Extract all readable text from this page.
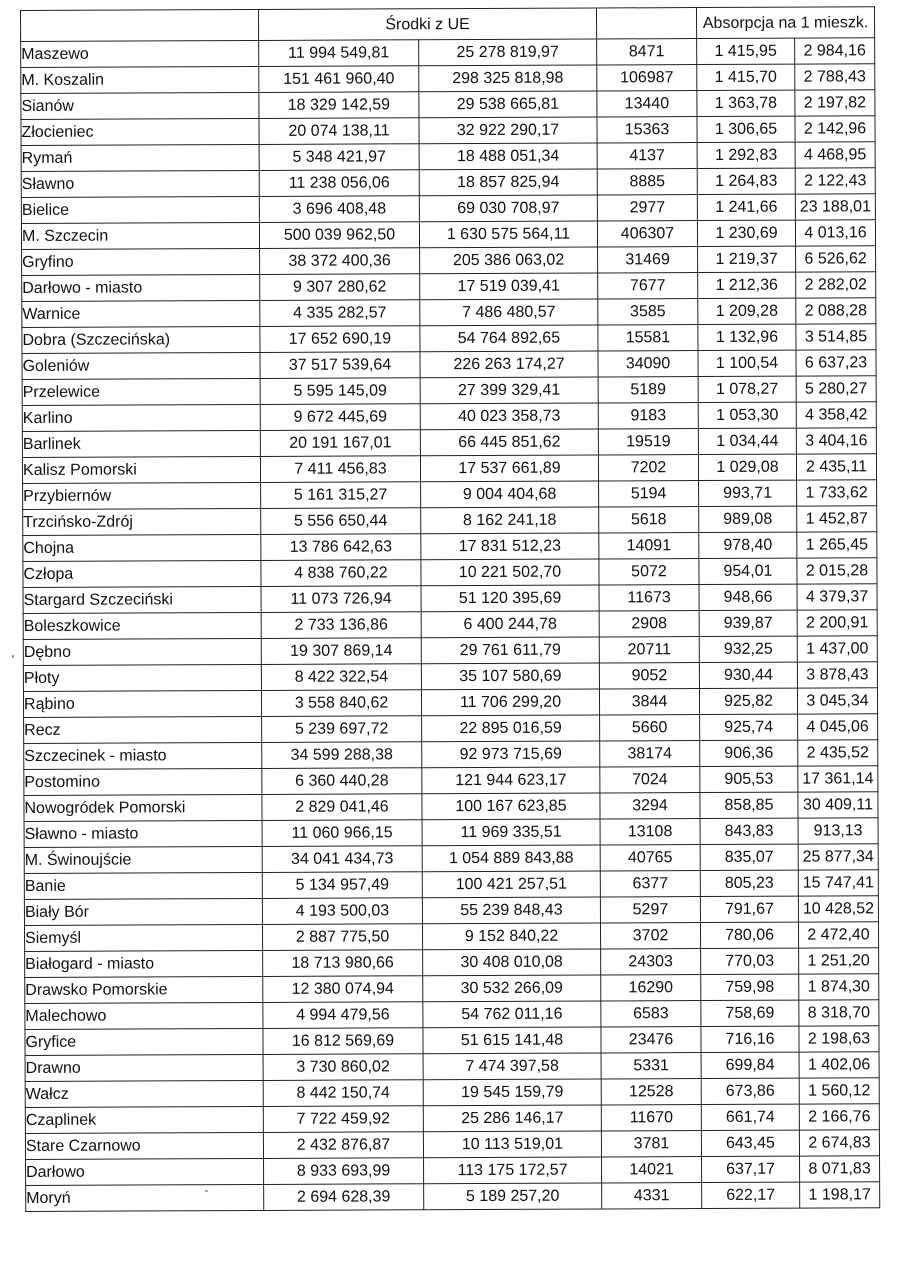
	Środki z UE			Absorpcja na 1 mieszk.	
Maszewo	11 994 549,81	25 278 819,97	8471	1 415,95	2 984,16
M. Koszalin	151 461 960,40	298 325 818,98	106987	1 415,70	2 788,43
Sianów	18 329 142,59	29 538 665,81	13440	1 363,78	2 197,82
Złocieniec	20 074 138,11	32 922 290,17	15363	1 306,65	2 142,96
Rymań	5 348 421,97	18 488 051,34	4137	1 292,83	4 468,95
Sławno	11 238 056,06	18 857 825,94	8885	1 264,83	2 122,43
Bielice	3 696 408,48	69 030 708,97	2977	1 241,66	23 188,01
M. Szczecin	500 039 962,50	1 630 575 564,11	406307	1 230,69	4 013,16
Gryfino	38 372 400,36	205 386 063,02	31469	1 219,37	6 526,62
Darłowo - miasto	9 307 280,62	17 519 039,41	7677	1 212,36	2 282,02
Warnice	4 335 282,57	7 486 480,57	3585	1 209,28	2 088,28
Dobra (Szczecińska)	17 652 690,19	54 764 892,65	15581	1 132,96	3 514,85
Goleniów	37 517 539,64	226 263 174,27	34090	1 100,54	6 637,23
Przelewice	5 595 145,09	27 399 329,41	5189	1 078,27	5 280,27
Karlino	9 672 445,69	40 023 358,73	9183	1 053,30	4 358,42
Barlinek	20 191 167,01	66 445 851,62	19519	1 034,44	3 404,16
Kalisz Pomorski	7 411 456,83	17 537 661,89	7202	1 029,08	2 435,11
Przybiernów	5 161 315,27	9 004 404,68	5194	993,71	1 733,62
Trzcińsko-Zdrój	5 556 650,44	8 162 241,18	5618	989,08	1 452,87
Chojna	13 786 642,63	17 831 512,23	14091	978,40	1 265,45
Człopa	4 838 760,22	10 221 502,70	5072	954,01	2 015,28
Stargard Szczeciński	11 073 726,94	51 120 395,69	11673	948,66	4 379,37
Boleszkowice	2 733 136,86	6 400 244,78	2908	939,87	2 200,91
Dębno	19 307 869,14	29 761 611,79	20711	932,25	1 437,00
Płoty	8 422 322,54	35 107 580,69	9052	930,44	3 878,43
Rąbino	3 558 840,62	11 706 299,20	3844	925,82	3 045,34
Recz	5 239 697,72	22 895 016,59	5660	925,74	4 045,06
Szczecinek - miasto	34 599 288,38	92 973 715,69	38174	906,36	2 435,52
Postomino	6 360 440,28	121 944 623,17	7024	905,53	17 361,14
Nowogródek Pomorski	2 829 041,46	100 167 623,85	3294	858,85	30 409,11
Sławno - miasto	11 060 966,15	11 969 335,51	13108	843,83	913,13
M. Świnoujście	34 041 434,73	1 054 889 843,88	40765	835,07	25 877,34
Banie	5 134 957,49	100 421 257,51	6377	805,23	15 747,41
Biały Bór	4 193 500,03	55 239 848,43	5297	791,67	10 428,52
Siemyśl	2 887 775,50	9 152 840,22	3702	780,06	2 472,40
Białogard - miasto	18 713 980,66	30 408 010,08	24303	770,03	1 251,20
Drawsko Pomorskie	12 380 074,94	30 532 266,09	16290	759,98	1 874,30
Malechowo	4 994 479,56	54 762 011,16	6583	758,69	8 318,70
Gryfice	16 812 569,69	51 615 141,48	23476	716,16	2 198,63
Drawno	3 730 860,02	7 474 397,58	5331	699,84	1 402,06
Wałcz	8 442 150,74	19 545 159,79	12528	673,86	1 560,12
Czaplinek	7 722 459,92	25 286 146,17	11670	661,74	2 166,76
Stare Czarnowo	2 432 876,87	10 113 519,01	3781	643,45	2 674,83
Darłowo	8 933 693,99	113 175 172,57	14021	637,17	8 071,83
Moryń	2 694 628,39	5 189 257,20	4331	622,17	1 198,17
